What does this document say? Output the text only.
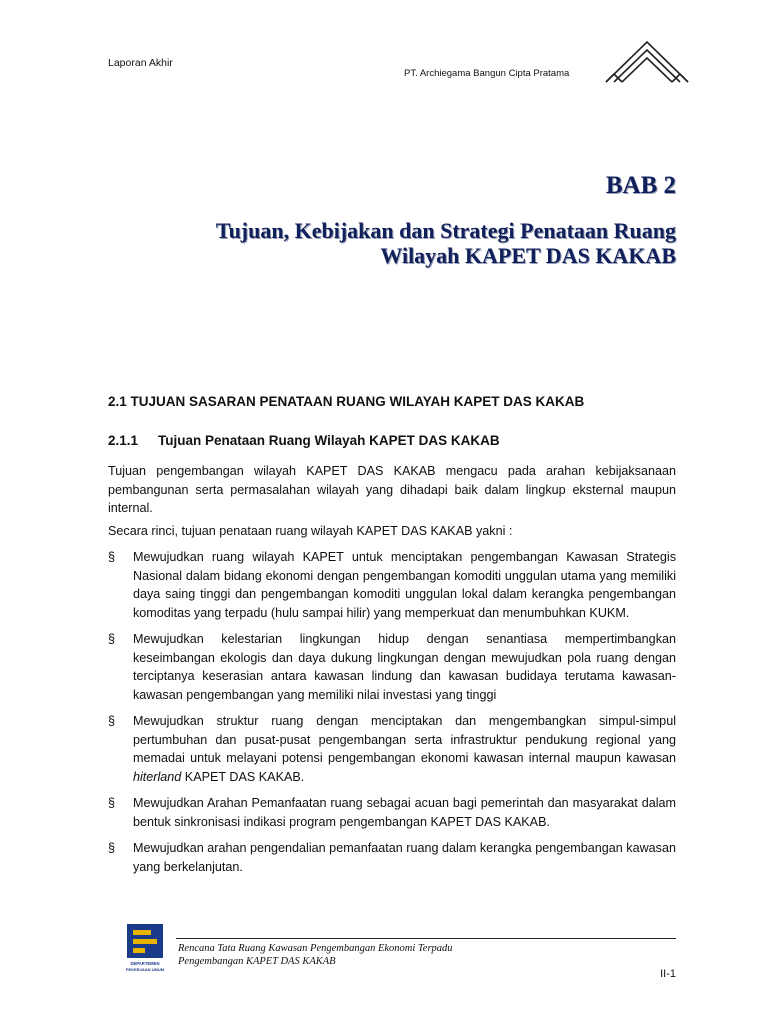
Laporan Akhir
PT. Archiegama Bangun Cipta Pratama
BAB 2
Tujuan, Kebijakan dan Strategi Penataan Ruang
Wilayah KAPET DAS KAKAB
2.1 TUJUAN SASARAN PENATAAN RUANG WILAYAH KAPET DAS KAKAB
2.1.1 Tujuan Penataan Ruang Wilayah KAPET DAS KAKAB
Tujuan pengembangan wilayah KAPET DAS KAKAB mengacu pada arahan kebijaksanaan pembangunan serta permasalahan wilayah yang dihadapi baik dalam lingkup eksternal maupun internal.
Secara rinci, tujuan penataan ruang wilayah KAPET DAS KAKAB yakni :
§ Mewujudkan ruang wilayah KAPET untuk menciptakan pengembangan Kawasan Strategis Nasional dalam bidang ekonomi dengan pengembangan komoditi unggulan utama yang memiliki daya saing tinggi dan pengembangan komoditi unggulan lokal dalam kerangka pengembangan komoditas yang terpadu (hulu sampai hilir) yang memperkuat dan menumbuhkan KUKM.
§ Mewujudkan kelestarian lingkungan hidup dengan senantiasa mempertimbangkan keseimbangan ekologis dan daya dukung lingkungan dengan mewujudkan pola ruang dengan terciptanya keserasian antara kawasan lindung dan kawasan budidaya terutama kawasan-kawasan pengembangan yang memiliki nilai investasi yang tinggi
§ Mewujudkan struktur ruang dengan menciptakan dan mengembangkan simpul-simpul pertumbuhan dan pusat-pusat pengembangan serta infrastruktur pendukung regional yang memadai untuk melayani potensi pengembangan ekonomi kawasan internal maupun kawasan hiterland KAPET DAS KAKAB.
§ Mewujudkan Arahan Pemanfaatan ruang sebagai acuan bagi pemerintah dan masyarakat dalam bentuk sinkronisasi indikasi program pengembangan KAPET DAS KAKAB.
§ Mewujudkan arahan pengendalian pemanfaatan ruang dalam kerangka pengembangan kawasan yang berkelanjutan.
DEPARTEMEN
PEKERJAAN UMUM
Rencana Tata Ruang Kawasan Pengembangan Ekonomi Terpadu
Pengembangan KAPET DAS KAKAB
II-1
